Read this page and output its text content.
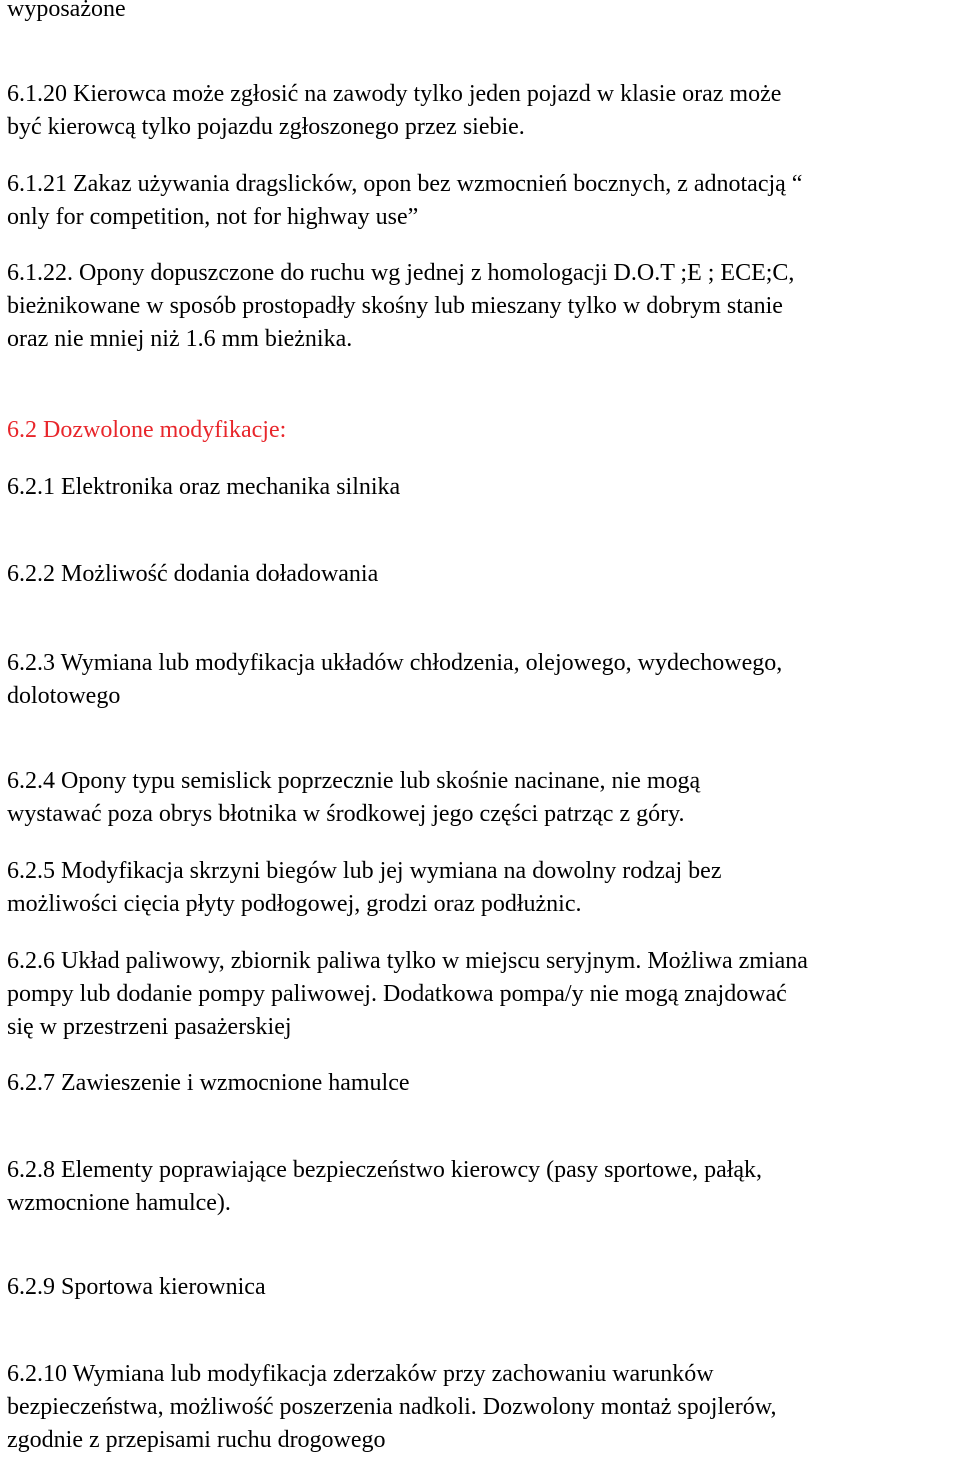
wyposażone
6.1.20 Kierowca może zgłosić na zawody tylko jeden pojazd w klasie oraz może
być kierowcą tylko pojazdu zgłoszonego przez siebie.
6.1.21 Zakaz używania dragslicków, opon bez wzmocnień bocznych, z adnotacją “
only for competition, not for highway use”
6.1.22. Opony dopuszczone do ruchu wg jednej z homologacji D.O.T ;E ; ECE;C,
bieżnikowane w sposób prostopadły skośny lub mieszany tylko w dobrym stanie
oraz nie mniej niż 1.6 mm bieżnika.
6.2 Dozwolone modyfikacje:
6.2.1 Elektronika oraz mechanika silnika
6.2.2 Możliwość dodania doładowania
6.2.3 Wymiana lub modyfikacja układów chłodzenia, olejowego, wydechowego,
dolotowego
6.2.4 Opony typu semislick poprzecznie lub skośnie nacinane, nie mogą
wystawać poza obrys błotnika w środkowej jego części patrząc z góry.
6.2.5 Modyfikacja skrzyni biegów lub jej wymiana na dowolny rodzaj bez
możliwości cięcia płyty podłogowej, grodzi oraz podłużnic.
6.2.6 Układ paliwowy, zbiornik paliwa tylko w miejscu seryjnym. Możliwa zmiana
pompy lub dodanie pompy paliwowej. Dodatkowa pompa/y nie mogą znajdować
się w przestrzeni pasażerskiej
6.2.7 Zawieszenie i wzmocnione hamulce
6.2.8 Elementy poprawiające bezpieczeństwo kierowcy (pasy sportowe, pałąk,
wzmocnione hamulce).
6.2.9 Sportowa kierownica
6.2.10 Wymiana lub modyfikacja zderzaków przy zachowaniu warunków
bezpieczeństwa, możliwość poszerzenia nadkoli. Dozwolony montaż spojlerów,
zgodnie z przepisami ruchu drogowego
